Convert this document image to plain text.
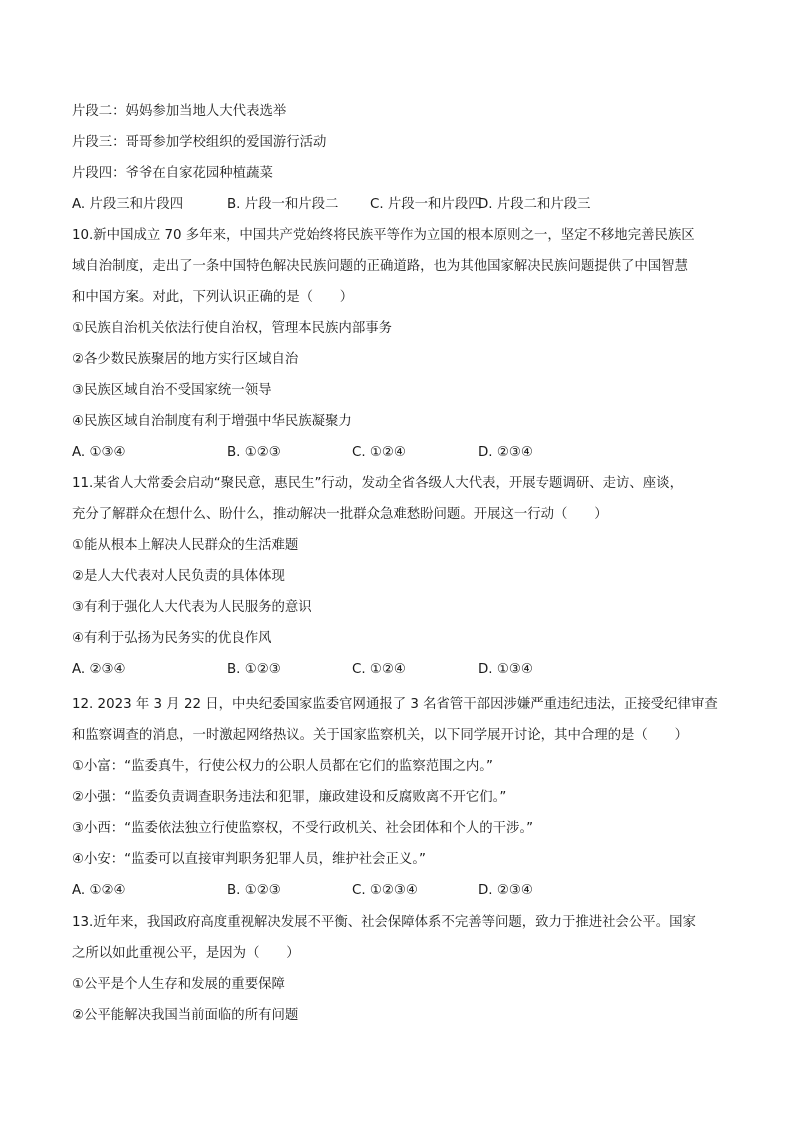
片段二：妈妈参加当地人大代表选举
片段三：哥哥参加学校组织的爱国游行活动
片段四：爷爷在自家花园种植蔬菜
A. 片段三和片段四	B. 片段一和片段二 C. 片段一和片段四
D. 片段二和片段三
10.新中国成立 70 多年来，中国共产党始终将民族平等作为立国的根本原则之一，坚定不移地完善民族区
域自治制度，走出了一条中国特色解决民族问题的正确道路，也为其他国家解决民族问题提供了中国智慧
和中国方案。对此，下列认识正确的是（　　）
①民族自治机关依法行使自治权，管理本民族内部事务
②各少数民族聚居的地方实行区域自治
③民族区域自治不受国家统一领导
④民族区域自治制度有利于增强中华民族凝聚力
A. ①③④	B. ①②③	C. ①②④	D. ②③④
11.某省人大常委会启动“聚民意，惠民生”行动，发动全省各级人大代表，开展专题调研、走访、座谈，
充分了解群众在想什么、盼什么，推动解决一批群众急难愁盼问题。开展这一行动（　　）
①能从根本上解决人民群众的生活难题
②是人大代表对人民负责的具体体现
③有利于强化人大代表为人民服务的意识
④有利于弘扬为民务实的优良作风
A. ②③④	B. ①②③	C. ①②④	D. ①③④
12. 2023 年 3 月 22 日，中央纪委国家监委官网通报了 3 名省管干部因涉嫌严重违纪违法，正接受纪律审查
和监察调查的消息，一时激起网络热议。关于国家监察机关，以下同学展开讨论，其中合理的是（　　）
①小富：“监委真牛，行使公权力的公职人员都在它们的监察范围之内。”
②小强：“监委负责调查职务违法和犯罪，廉政建设和反腐败离不开它们。”
③小西：“监委依法独立行使监察权，不受行政机关、社会团体和个人的干涉。”
④小安：“监委可以直接审判职务犯罪人员，维护社会正义。”
A. ①②④	B. ①②③	C. ①②③④	D. ②③④
13.近年来，我国政府高度重视解决发展不平衡、社会保障体系不完善等问题，致力于推进社会公平。国家
之所以如此重视公平，是因为（　　）
①公平是个人生存和发展的重要保障
②公平能解决我国当前面临的所有问题
